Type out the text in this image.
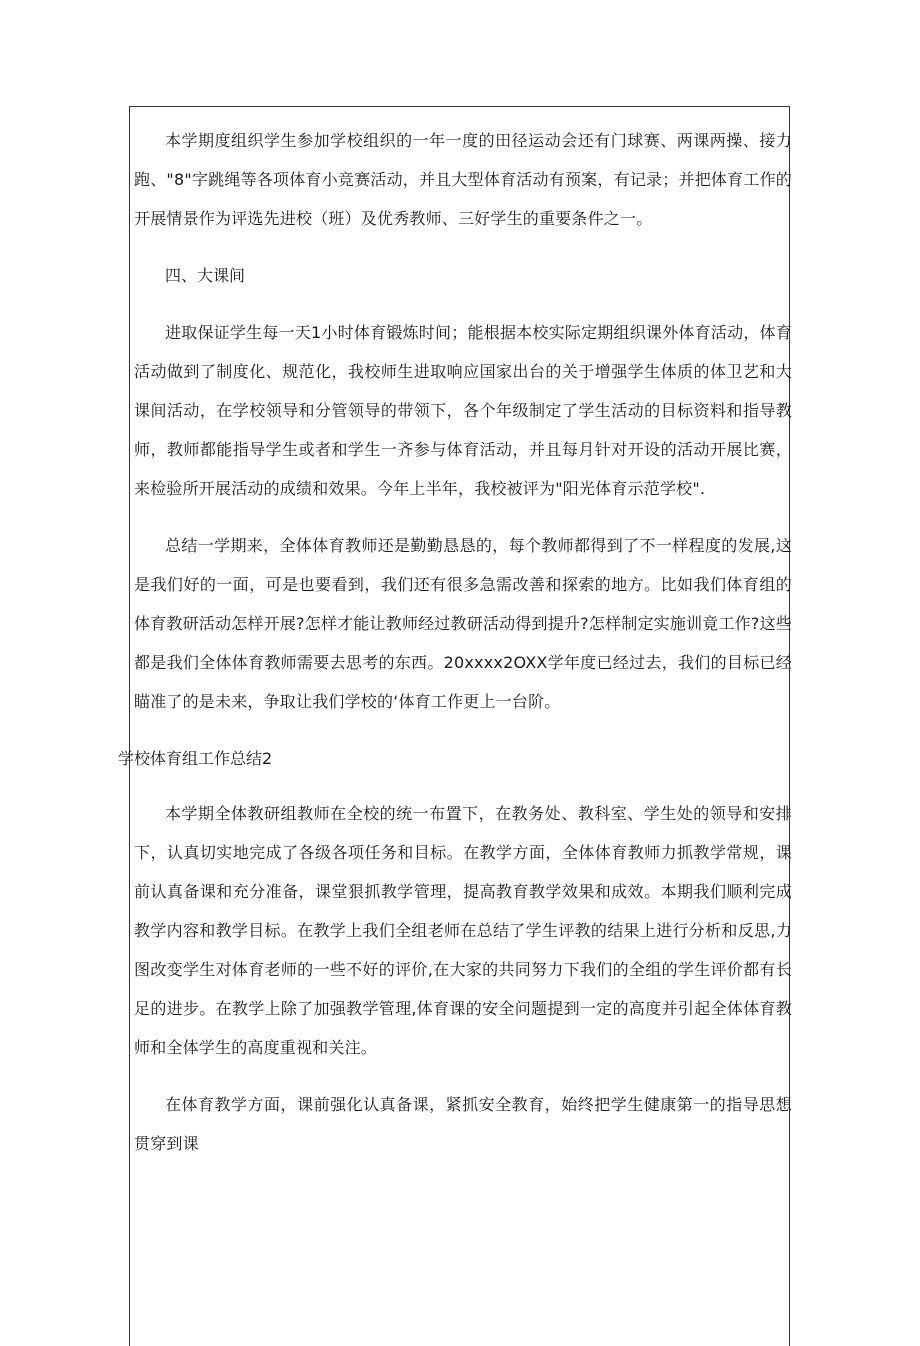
本学期度组织学生参加学校组织的一年一度的田径运动会还有门球赛、两课两操、接力跑、"8"字跳绳等各项体育小竞赛活动，并且大型体育活动有预案，有记录；并把体育工作的开展情景作为评选先进校（班）及优秀教师、三好学生的重要条件之一。

四、大课间

进取保证学生每一天1小时体育锻炼时间；能根据本校实际定期组织课外体育活动，体育活动做到了制度化、规范化，我校师生进取响应国家出台的关于增强学生体质的体卫艺和大课间活动，在学校领导和分管领导的带领下，各个年级制定了学生活动的目标资料和指导教师，教师都能指导学生或者和学生一齐参与体育活动，并且每月针对开设的活动开展比赛，来检验所开展活动的成绩和效果。今年上半年，我校被评为"阳光体育示范学校".

总结一学期来，全体体育教师还是勤勤恳恳的，每个教师都得到了不一样程度的发展,这是我们好的一面，可是也要看到，我们还有很多急需改善和探索的地方。比如我们体育组的体育教研活动怎样开展?怎样才能让教师经过教研活动得到提升?怎样制定实施训竟工作?这些都是我们全体体育教师需要去思考的东西。20xxxx2OXX学年度已经过去，我们的目标已经瞄准了的是未来，争取让我们学校的‘体育工作更上一台阶。

学校体育组工作总结2

本学期全体教研组教师在全校的统一布置下，在教务处、教科室、学生处的领导和安排下，认真切实地完成了各级各项任务和目标。在教学方面，全体体育教师力抓教学常规，课前认真备课和充分准备，课堂狠抓教学管理，提高教育教学效果和成效。本期我们顺利完成教学内容和教学目标。在教学上我们全组老师在总结了学生评教的结果上进行分析和反思,力图改变学生对体育老师的一些不好的评价,在大家的共同努力下我们的全组的学生评价都有长足的进步。在教学上除了加强教学管理,体育课的安全问题提到一定的高度并引起全体体育教师和全体学生的高度重视和关注。

在体育教学方面，课前强化认真备课，紧抓安全教育，始终把学生健康第一的指导思想贯穿到课
